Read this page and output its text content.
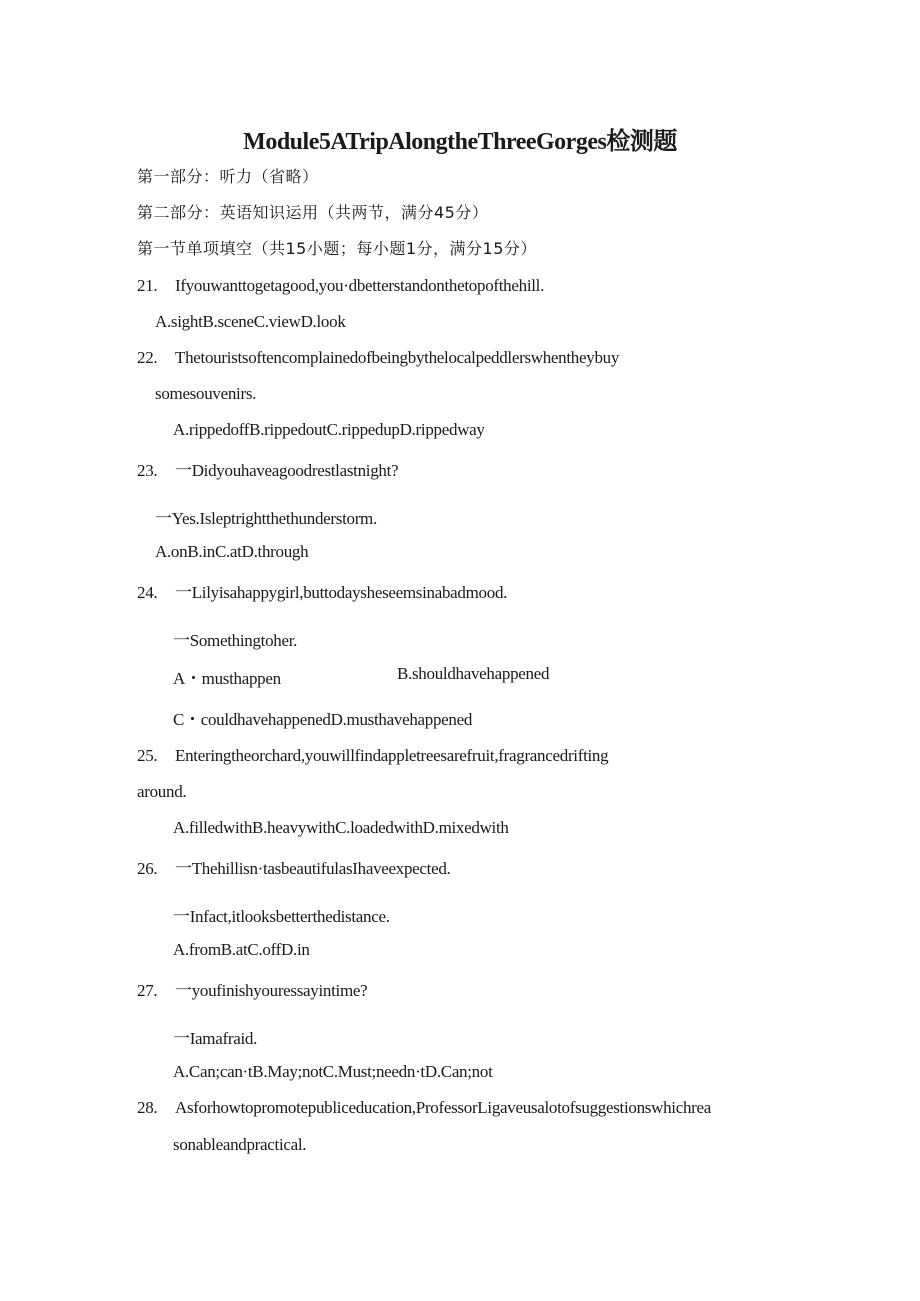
Module5ATripAlongtheThreeGorges检测题
第一部分：听力（省略）
第二部分：英语知识运用（共两节，满分45分）
第一节单项填空（共15小题；每小题1分，满分15分）
21. Ifyouwanttogetagood,you·dbetterstandonthetopofthehill.
A.sightB.sceneC.viewD.look
22. Thetouristsoftencomplainedofbeingbythelocalpeddlerswhentheybuy
somesouvenirs.
A.rippedoffB.rippedoutC.rippedupD.rippedway
23. 一Didyouhaveagoodrestlastnight?
一Yes.Isleptrightthethunderstorm.
A.onB.inC.atD.through
24. 一Lilyisahappygirl,buttodaysheseemsinabadmood.
一Somethingtoher.
A・musthappen	B.shouldhavehappened
C・couldhavehappenedD.musthavehappened
25. Enteringtheorchard,youwillfindappletreesarefruit,fragrancedrifting
around.
A.filledwithB.heavywithC.loadedwithD.mixedwith
26. 一Thehillisn·tasbeautifulasIhaveexpected.
一Infact,itlooksbetterthedistance.
A.fromB.atC.offD.in
27. 一youfinishyouressayintime?
一Iamafraid.
A.Can;can·tB.May;notC.Must;needn·tD.Can;not
28. Asforhowtopromotepubliceducation,ProfessorLigaveusalotofsuggestionswhichrea
sonableandpractical.
